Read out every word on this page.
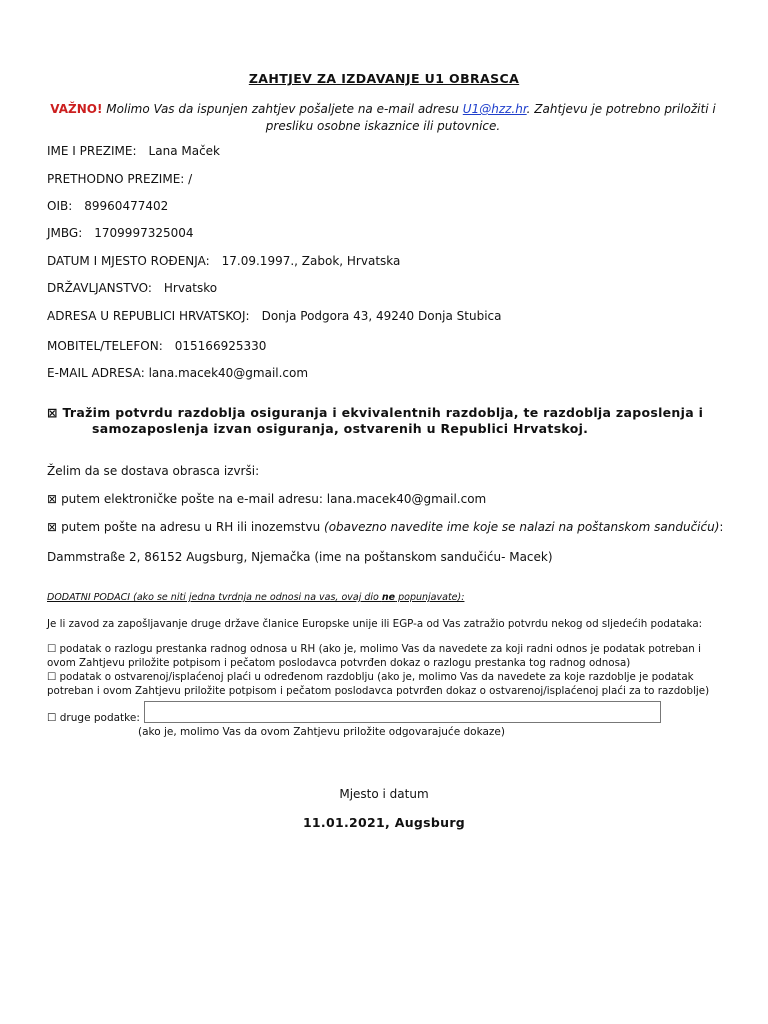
ZAHTJEV ZA IZDAVANJE U1 OBRASCA
VAŽNO! Molimo Vas da ispunjen zahtjev pošaljete na e-mail adresu U1@hzz.hr. Zahtjevu je potrebno priložiti i presliku osobne iskaznice ili putovnice.
IME I PREZIME: Lana Maček
PRETHODNO PREZIME: /
OIB: 89960477402
JMBG: 1709997325004
DATUM I MJESTO ROĐENJA: 17.09.1997., Zabok, Hrvatska
DRŽAVLJANSTVO: Hrvatsko
ADRESA U REPUBLICI HRVATSKOJ: Donja Podgora 43, 49240 Donja Stubica
MOBITEL/TELEFON: 015166925330
E-MAIL ADRESA: lana.macek40@gmail.com
⊠ Tražim potvrdu razdoblja osiguranja i ekvivalentnih razdoblja, te razdoblja zaposlenja i
samozaposlenja izvan osiguranja, ostvarenih u Republici Hrvatskoj.
Želim da se dostava obrasca izvrši:
⊠ putem elektroničke pošte na e-mail adresu: lana.macek40@gmail.com
⊠ putem pošte na adresu u RH ili inozemstvu (obavezno navedite ime koje se nalazi na poštanskom sandučiću):
Dammstraße 2, 86152 Augsburg, Njemačka (ime na poštanskom sandučiću- Macek)
DODATNI PODACI (ako se niti jedna tvrdnja ne odnosi na vas, ovaj dio ne popunjavate):
Je li zavod za zapošljavanje druge države članice Europske unije ili EGP-a od Vas zatražio potvrdu nekog od sljedećih podataka:
☐ podatak o razlogu prestanka radnog odnosa u RH (ako je, molimo Vas da navedete za koji radni odnos je podatak potreban i ovom Zahtjevu priložite potpisom i pečatom poslodavca potvrđen dokaz o razlogu prestanka tog radnog odnosa)
☐ podatak o ostvarenoj/isplaćenoj plaći u određenom razdoblju (ako je, molimo Vas da navedete za koje razdoblje je podatak potreban i ovom Zahtjevu priložite potpisom i pečatom poslodavca potvrđen dokaz o ostvarenoj/isplaćenoj plaći za to razdoblje)
☐ druge podatke:
(ako je, molimo Vas da ovom Zahtjevu priložite odgovarajuće dokaze)
Mjesto i datum
11.01.2021, Augsburg
